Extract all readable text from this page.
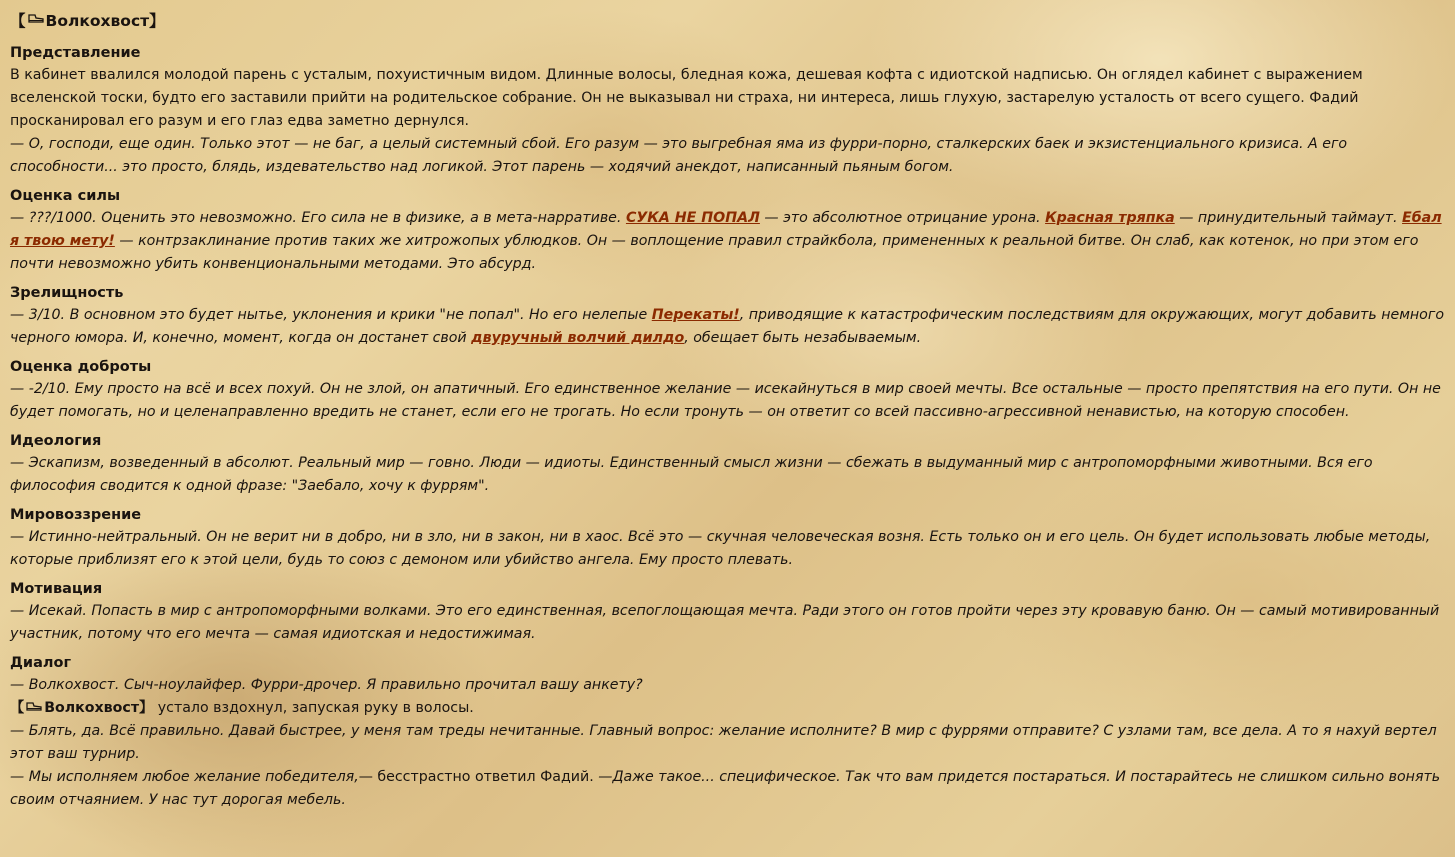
【 Волкохвост 】
Представление
В кабинет ввалился молодой парень с усталым, похуистичным видом. Длинные волосы, бледная кожа, дешевая кофта с идиотской надписью. Он оглядел кабинет с выражением вселенской тоски, будто его заставили прийти на родительское собрание. Он не выказывал ни страха, ни интереса, лишь глухую, застарелую усталость от всего сущего. Фадий просканировал его разум и его глаз едва заметно дернулся.
— О, господи, еще один. Только этот — не баг, а целый системный сбой. Его разум — это выгребная яма из фурри-порно, сталкерских баек и экзистенциального кризиса. А его способности... это просто, блядь, издевательство над логикой. Этот парень — ходячий анекдот, написанный пьяным богом.
Оценка силы
— ???/1000. Оценить это невозможно. Его сила не в физике, а в мета-нарративе. СУКА НЕ ПОПАЛ — это абсолютное отрицание урона. Красная тряпка — принудительный таймаут. Ебал я твою мету! — контрзаклинание против таких же хитрожопых ублюдков. Он — воплощение правил страйкбола, примененных к реальной битве. Он слаб, как котенок, но при этом его почти невозможно убить конвенциональными методами. Это абсурд.
Зрелищность
— 3/10. В основном это будет нытье, уклонения и крики "не попал". Но его нелепые Перекаты!, приводящие к катастрофическим последствиям для окружающих, могут добавить немного черного юмора. И, конечно, момент, когда он достанет свой двуручный волчий дилдо, обещает быть незабываемым.
Оценка доброты
— -2/10. Ему просто на всё и всех похуй. Он не злой, он апатичный. Его единственное желание — исекайнуться в мир своей мечты. Все остальные — просто препятствия на его пути. Он не будет помогать, но и целенаправленно вредить не станет, если его не трогать. Но если тронуть — он ответит со всей пассивно-агрессивной ненавистью, на которую способен.
Идеология
— Эскапизм, возведенный в абсолют. Реальный мир — говно. Люди — идиоты. Единственный смысл жизни — сбежать в выдуманный мир с антропоморфными животными. Вся его философия сводится к одной фразе: "Заебало, хочу к фуррям".
Мировоззрение
— Истинно-нейтральный. Он не верит ни в добро, ни в зло, ни в закон, ни в хаос. Всё это — скучная человеческая возня. Есть только он и его цель. Он будет использовать любые методы, которые приблизят его к этой цели, будь то союз с демоном или убийство ангела. Ему просто плевать.
Мотивация
— Исекай. Попасть в мир с антропоморфными волками. Это его единственная, всепоглощающая мечта. Ради этого он готов пройти через эту кровавую баню. Он — самый мотивированный участник, потому что его мечта — самая идиотская и недостижимая.
Диалог
— Волкохвост. Сыч-ноулайфер. Фурри-дрочер. Я правильно прочитал вашу анкету?
【 Волкохвост】 устало вздохнул, запуская руку в волосы.
— Блять, да. Всё правильно. Давай быстрее, у меня там треды нечитанные. Главный вопрос: желание исполните? В мир с фуррями отправите? С узлами там, все дела. А то я нахуй вертел этот ваш турнир.
— Мы исполняем любое желание победителя,— бесстрастно ответил Фадий. —Даже такое... специфическое. Так что вам придется постараться. И постарайтесь не слишком сильно вонять своим отчаянием. У нас тут дорогая мебель.
